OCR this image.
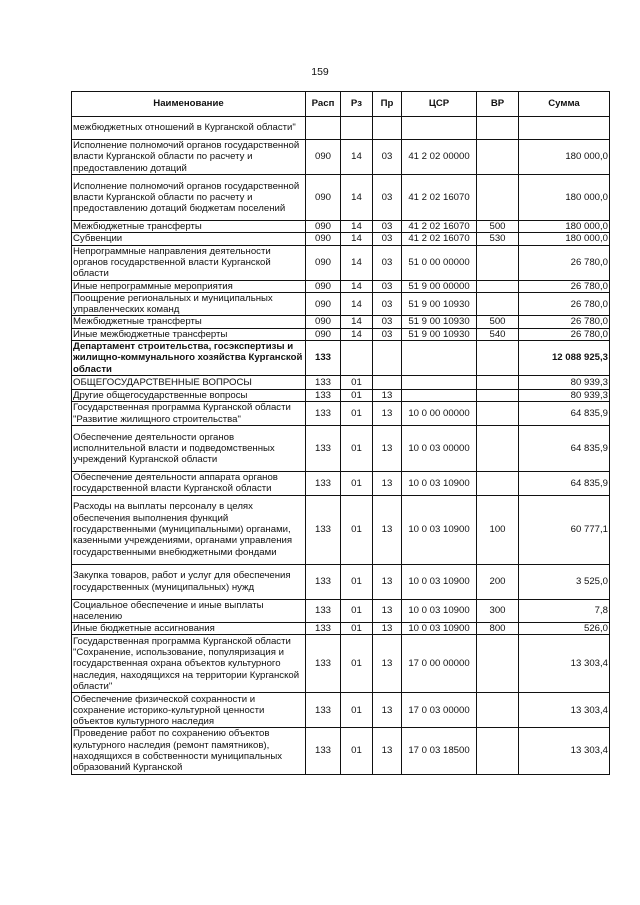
159
Наименование	Расп	Рз	Пр	ЦСР	ВР	Сумма
межбюджетных отношений в Курганской области"						
Исполнение полномочий органов государственной власти Курганской области по расчету и предоставлению дотаций	090	14	03	41 2 02 00000		180 000,0
Исполнение полномочий органов государственной власти Курганской области по расчету и предоставлению дотаций бюджетам поселений	090	14	03	41 2 02 16070		180 000,0
Межбюджетные трансферты	090	14	03	41 2 02 16070	500	180 000,0
Субвенции	090	14	03	41 2 02 16070	530	180 000,0
Непрограммные направления деятельности органов государственной власти Курганской области	090	14	03	51 0 00 00000		26 780,0
Иные непрограммные мероприятия	090	14	03	51 9 00 00000		26 780,0
Поощрение региональных и муниципальных управленческих команд	090	14	03	51 9 00 10930		26 780,0
Межбюджетные трансферты	090	14	03	51 9 00 10930	500	26 780,0
Иные межбюджетные трансферты	090	14	03	51 9 00 10930	540	26 780,0
Департамент строительства, госэкспертизы и жилищно-коммунального хозяйства Курганской области	133					12 088 925,3
ОБЩЕГОСУДАРСТВЕННЫЕ ВОПРОСЫ	133	01				80 939,3
Другие общегосударственные вопросы	133	01	13			80 939,3
Государственная программа Курганской области "Развитие жилищного строительства"	133	01	13	10 0 00 00000		64 835,9
Обеспечение деятельности органов исполнительной власти и подведомственных учреждений Курганской области	133	01	13	10 0 03 00000		64 835,9
Обеспечение деятельности аппарата органов государственной власти Курганской области	133	01	13	10 0 03 10900		64 835,9
Расходы на выплаты персоналу в целях обеспечения выполнения функций государственными (муниципальными) органами, казенными учреждениями, органами управления государственными внебюджетными фондами	133	01	13	10 0 03 10900	100	60 777,1
Закупка товаров, работ и услуг для обеспечения государственных (муниципальных) нужд	133	01	13	10 0 03 10900	200	3 525,0
Социальное обеспечение и иные выплаты населению	133	01	13	10 0 03 10900	300	7,8
Иные бюджетные ассигнования	133	01	13	10 0 03 10900	800	526,0
Государственная программа Курганской области "Сохранение, использование, популяризация и государственная охрана объектов культурного наследия, находящихся на территории Курганской области"	133	01	13	17 0 00 00000		13 303,4
Обеспечение физической сохранности и сохранение историко-культурной ценности объектов культурного наследия	133	01	13	17 0 03 00000		13 303,4
Проведение работ по сохранению объектов культурного наследия (ремонт памятников), находящихся в собственности муниципальных образований Курганской	133	01	13	17 0 03 18500		13 303,4
